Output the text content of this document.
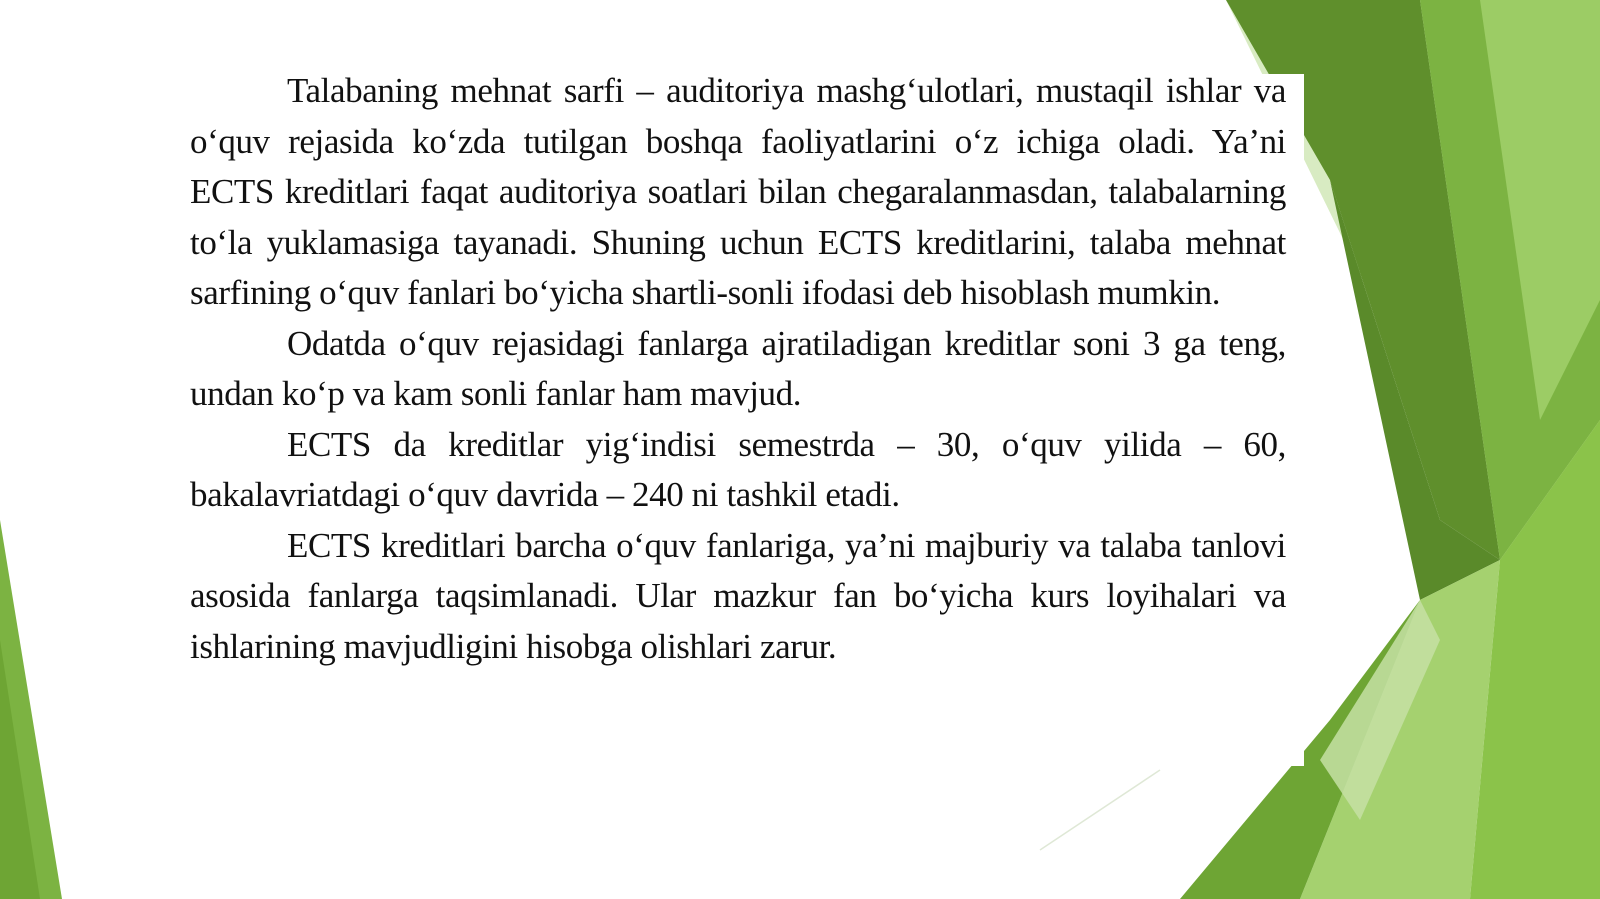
Talabaning mehnat sarfi – auditoriya mashg‘ulotlari, mustaqil ishlar va o‘quv rejasida ko‘zda tutilgan boshqa faoliyatlarini o‘z ichiga oladi. Ya’ni ECTS kreditlari faqat auditoriya soatlari bilan chegaralanmasdan, talabalarning to‘la yuklamasiga tayanadi. Shuning uchun ECTS kreditlarini, talaba mehnat sarfining o‘quv fanlari bo‘yicha shartli-sonli ifodasi deb hisoblash mumkin.

Odatda o‘quv rejasidagi fanlarga ajratiladigan kreditlar soni 3 ga teng, undan ko‘p va kam sonli fanlar ham mavjud.

ECTS da kreditlar yig‘indisi semestrda – 30, o‘quv yilida – 60, bakalavriatdagi o‘quv davrida – 240 ni tashkil etadi.

ECTS kreditlari barcha o‘quv fanlariga, ya’ni majburiy va talaba tanlovi asosida fanlarga taqsimlanadi. Ular mazkur fan bo‘yicha kurs loyihalari va ishlarining mavjudligini hisobga olishlari zarur.
